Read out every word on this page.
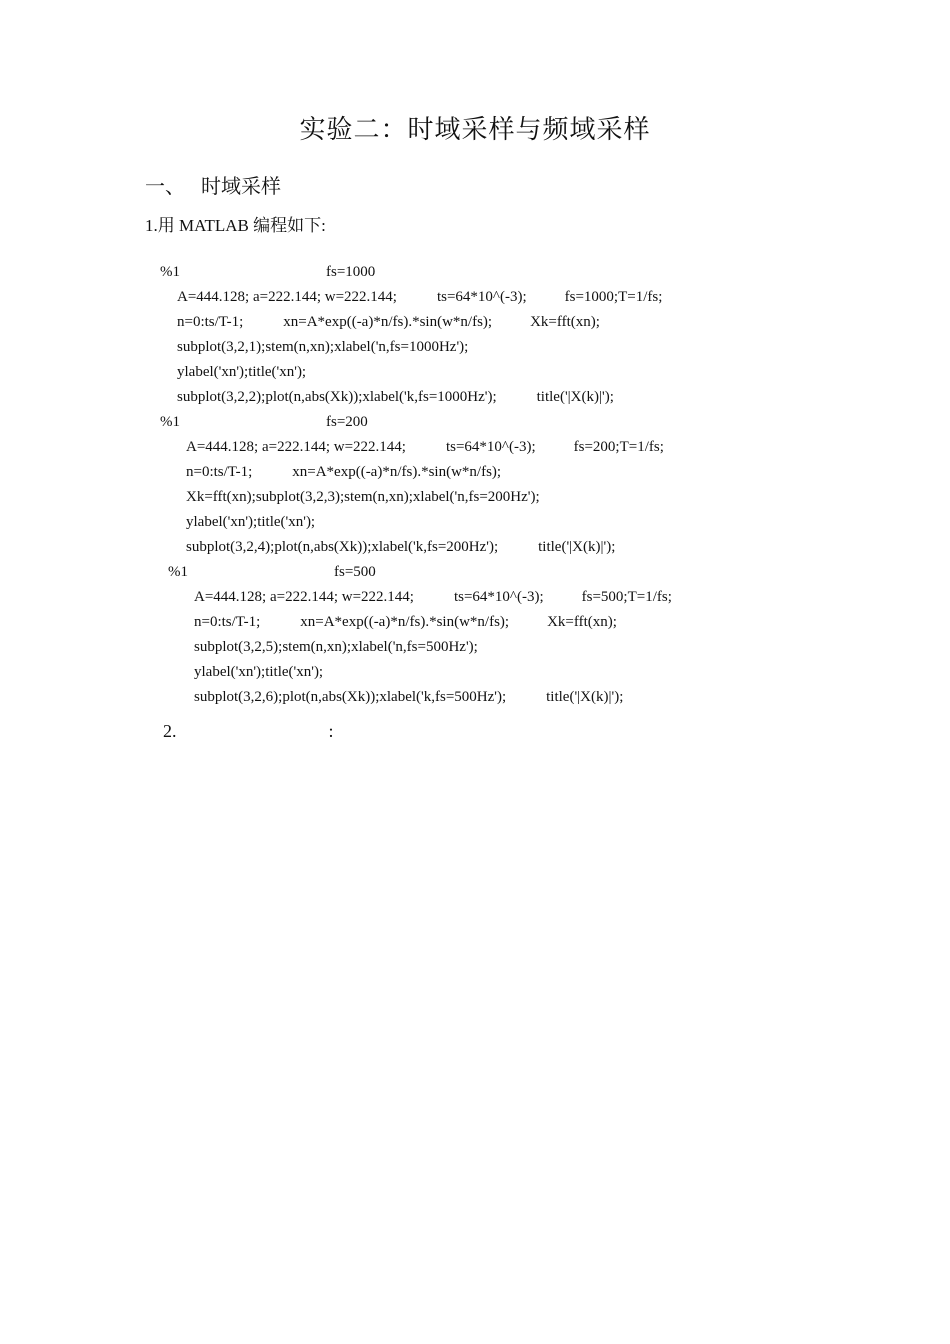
实验二：时域采样与频域采样
一、 时域采样
1.用 MATLAB 编程如下:

%1	fs=1000

A=444.128; a=222.144; w=222.144;	ts=64*10^(-3);	fs=1000;T=1/fs;

n=0:ts/T-1;	xn=A*exp((-a)*n/fs).*sin(w*n/fs);	Xk=fft(xn);

subplot(3,2,1);stem(n,xn);xlabel('n,fs=1000Hz');

ylabel('xn');title('xn');

subplot(3,2,2);plot(n,abs(Xk));xlabel('k,fs=1000Hz');	title('|X(k)|');

%1	fs=200

A=444.128; a=222.144; w=222.144;	ts=64*10^(-3);	fs=200;T=1/fs;

n=0:ts/T-1;	xn=A*exp((-a)*n/fs).*sin(w*n/fs);

Xk=fft(xn);subplot(3,2,3);stem(n,xn);xlabel('n,fs=200Hz');

ylabel('xn');title('xn');

subplot(3,2,4);plot(n,abs(Xk));xlabel('k,fs=200Hz');	title('|X(k)|');

%1	fs=500

A=444.128; a=222.144; w=222.144;	ts=64*10^(-3);	fs=500;T=1/fs;

n=0:ts/T-1;	xn=A*exp((-a)*n/fs).*sin(w*n/fs);	Xk=fft(xn);

subplot(3,2,5);stem(n,xn);xlabel('n,fs=500Hz');

ylabel('xn');title('xn');

subplot(3,2,6);plot(n,abs(Xk));xlabel('k,fs=500Hz');	title('|X(k)|');

2.	:
